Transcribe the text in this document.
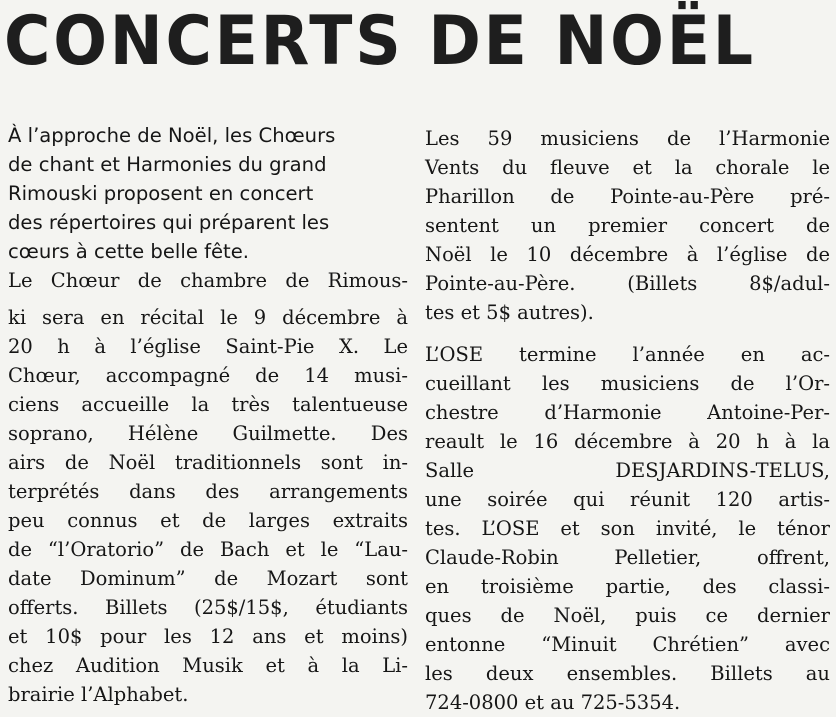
CONCERTS DE NOËL
À l’approche de Noël, les Chœurs
de chant et Harmonies du grand
Rimouski proposent en concert
des répertoires qui préparent les
cœurs à cette belle fête.
Le Chœur de chambre de Rimous-
ki sera en récital le 9 décembre à
20 h à l’église Saint-Pie X. Le
Chœur, accompagné de 14 musi-
ciens accueille la très talentueuse
soprano, Hélène Guilmette. Des
airs de Noël traditionnels sont in-
terprétés dans des arrangements
peu connus et de larges extraits
de “l’Oratorio” de Bach et le “Lau-
date Dominum” de Mozart sont
offerts. Billets (25$/15$, étudiants
et 10$ pour les 12 ans et moins)
chez Audition Musik et à la Li-
brairie l’Alphabet.
Les 59 musiciens de l’Harmonie
Vents du fleuve et la chorale le
Pharillon de Pointe-au-Père pré-
sentent un premier concert de
Noël le 10 décembre à l’église de
Pointe-au-Père. (Billets 8$/adul-
tes et 5$ autres).
L’OSE termine l’année en ac-
cueillant les musiciens de l’Or-
chestre d’Harmonie Antoine-Per-
reault le 16 décembre à 20 h à la
Salle DESJARDINS-TELUS,
une soirée qui réunit 120 artis-
tes. L’OSE et son invité, le ténor
Claude-Robin Pelletier, offrent,
en troisième partie, des classi-
ques de Noël, puis ce dernier
entonne “Minuit Chrétien” avec
les deux ensembles. Billets au
724-0800 et au 725-5354.
